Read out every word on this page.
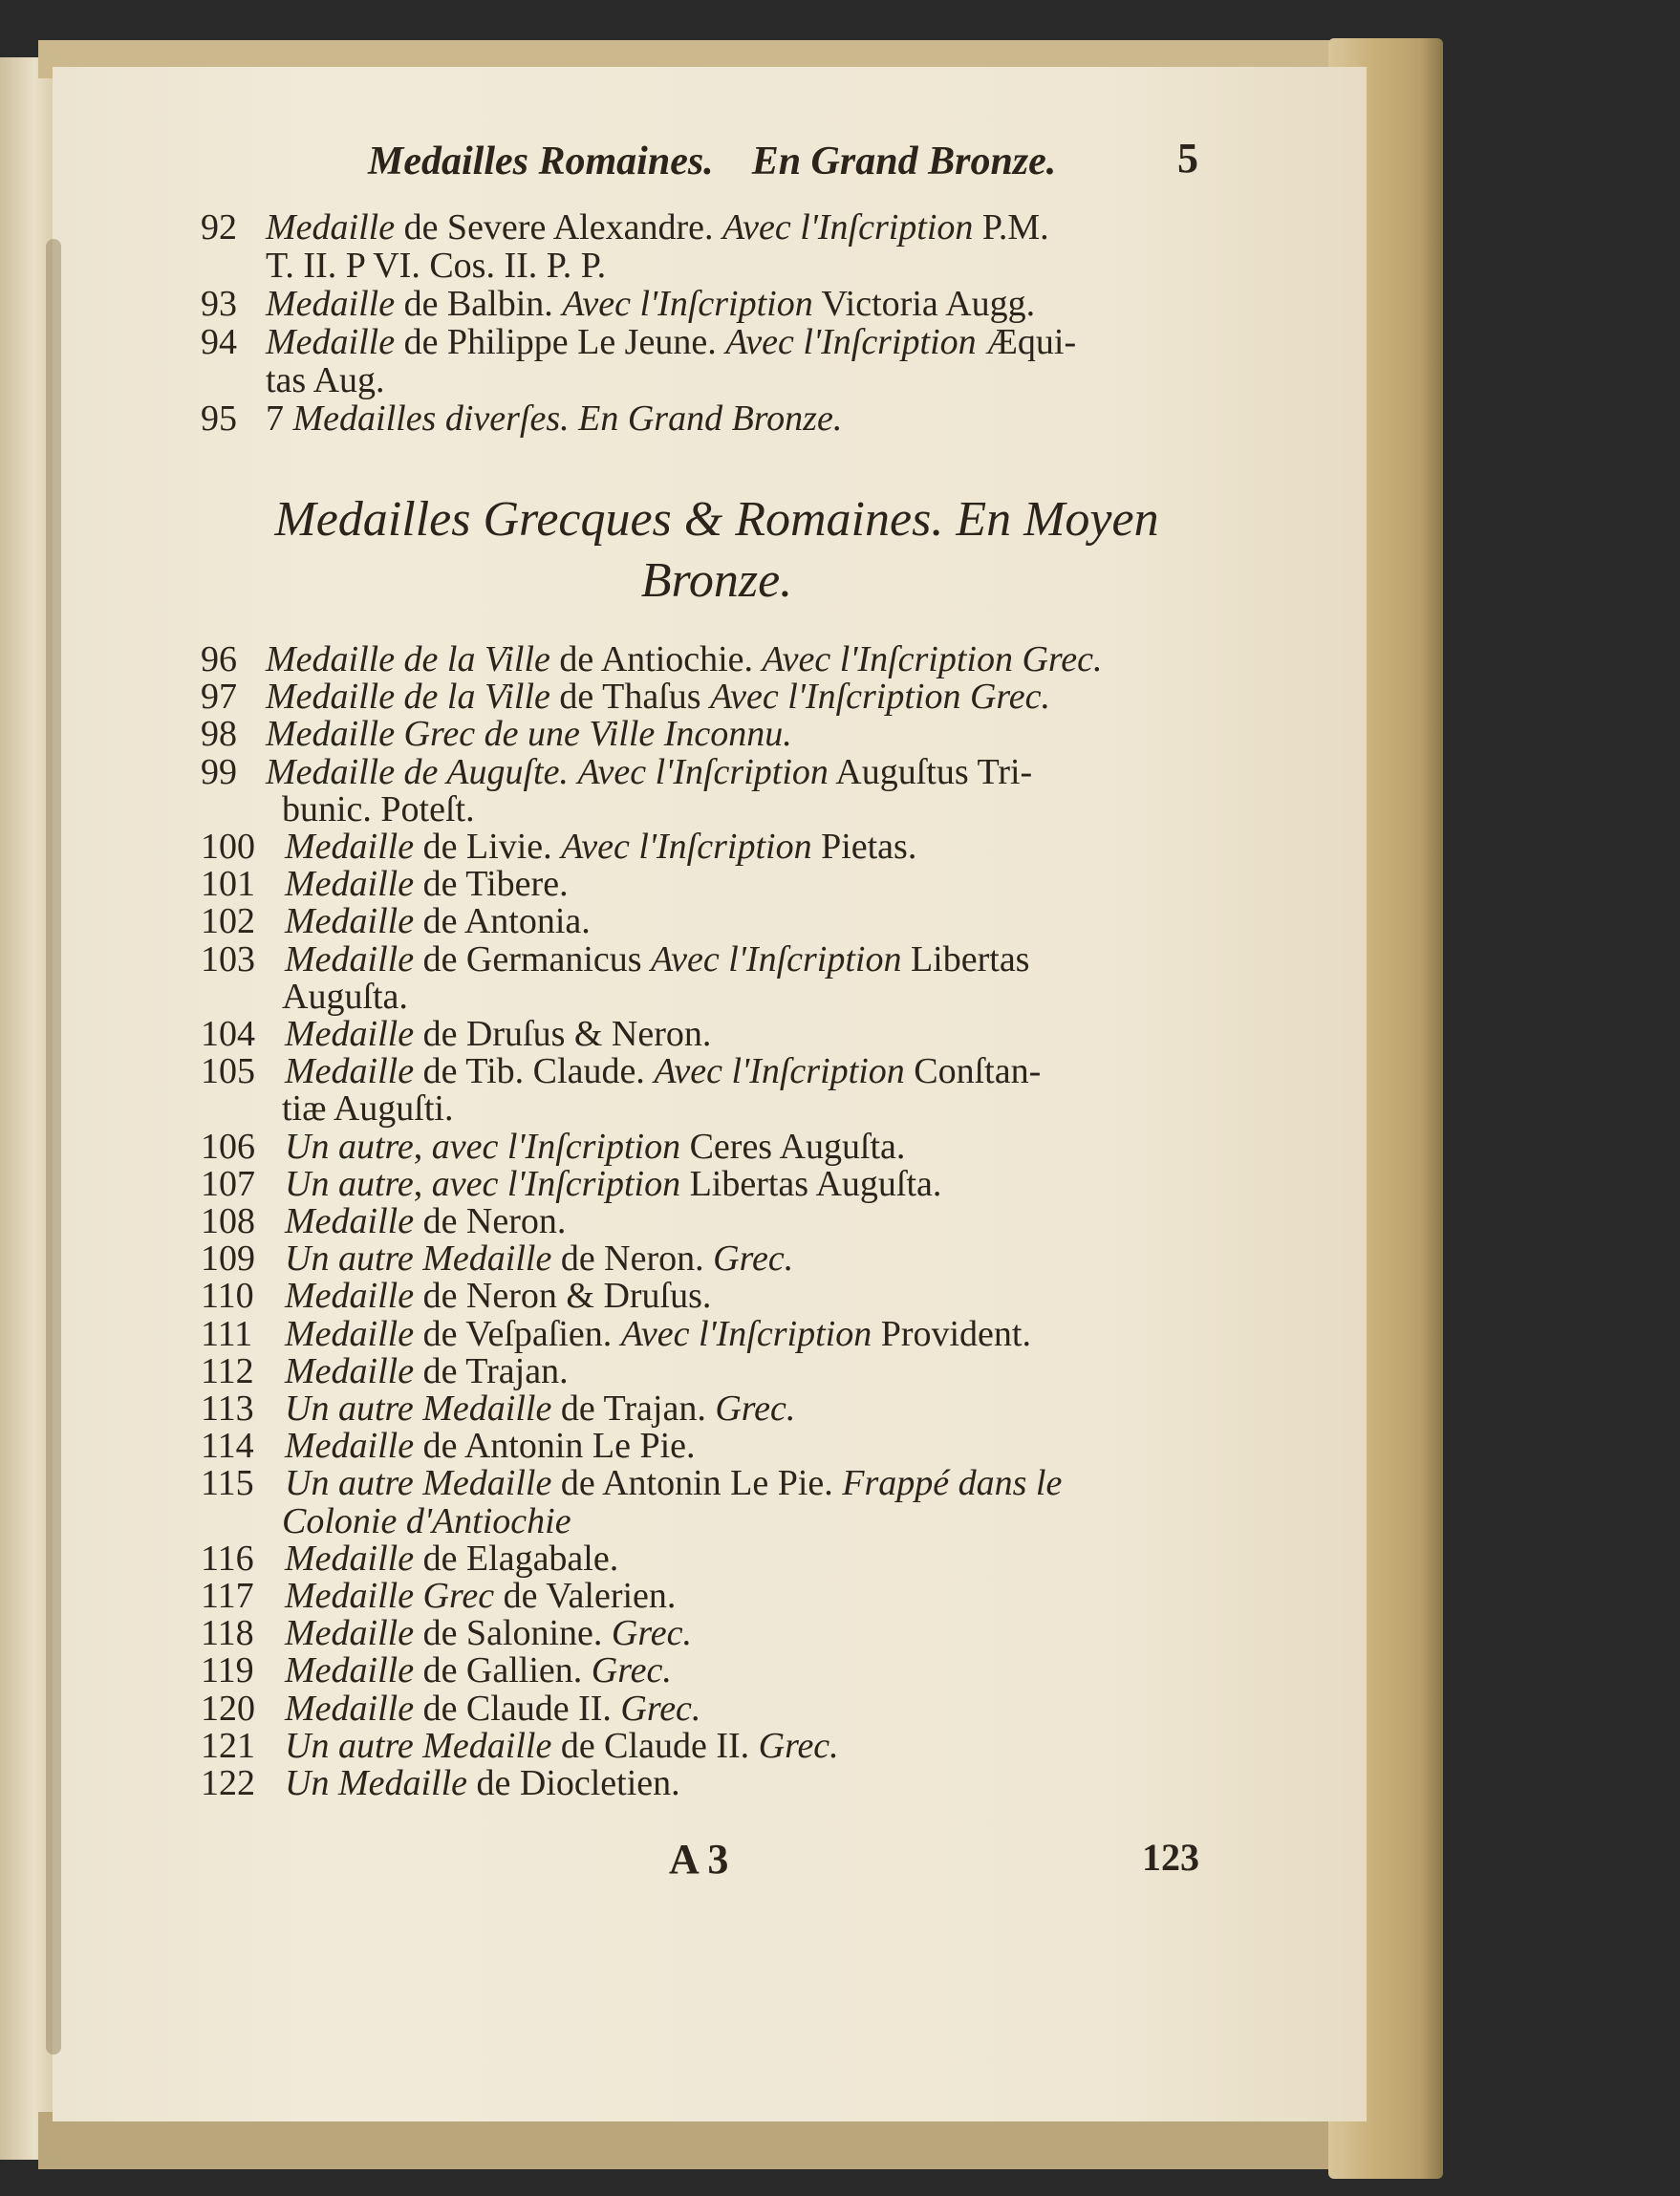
Medailles Romaines. En Grand Bronze.	5
92 Medaille de Severe Alexandre. Avec l'Inſcription P.M.
T. II. P VI. Cos. II. P. P.
93 Medaille de Balbin. Avec l'Inſcription Victoria Augg.
94 Medaille de Philippe Le Jeune. Avec l'Inſcription Æqui-
tas Aug.
95 7 Medailles diverſes. En Grand Bronze.
Medailles Grecques & Romaines. En Moyen
Bronze.
96 Medaille de la Ville de Antiochie. Avec l'Inſcription Grec.
97 Medaille de la Ville de Thaſus Avec l'Inſcription Grec.
98 Medaille Grec de une Ville Inconnu.
99 Medaille de Auguſte. Avec l'Inſcription Auguſtus Tri-
bunic. Poteſt.
100 Medaille de Livie. Avec l'Inſcription Pietas.
101 Medaille de Tibere.
102 Medaille de Antonia.
103 Medaille de Germanicus Avec l'Inſcription Libertas
Auguſta.
104 Medaille de Druſus & Neron.
105 Medaille de Tib. Claude. Avec l'Inſcription Conſtan-
tiæ Auguſti.
106 Un autre, avec l'Inſcription Ceres Auguſta.
107 Un autre, avec l'Inſcription Libertas Auguſta.
108 Medaille de Neron.
109 Un autre Medaille de Neron. Grec.
110 Medaille de Neron & Druſus.
111 Medaille de Veſpaſien. Avec l'Inſcription Provident.
112 Medaille de Trajan.
113 Un autre Medaille de Trajan. Grec.
114 Medaille de Antonin Le Pie.
115 Un autre Medaille de Antonin Le Pie. Frappé dans le
Colonie d'Antiochie
116 Medaille de Elagabale.
117 Medaille Grec de Valerien.
118 Medaille de Salonine. Grec.
119 Medaille de Gallien. Grec.
120 Medaille de Claude II. Grec.
121 Un autre Medaille de Claude II. Grec.
122 Un Medaille de Diocletien.
A 3	123
